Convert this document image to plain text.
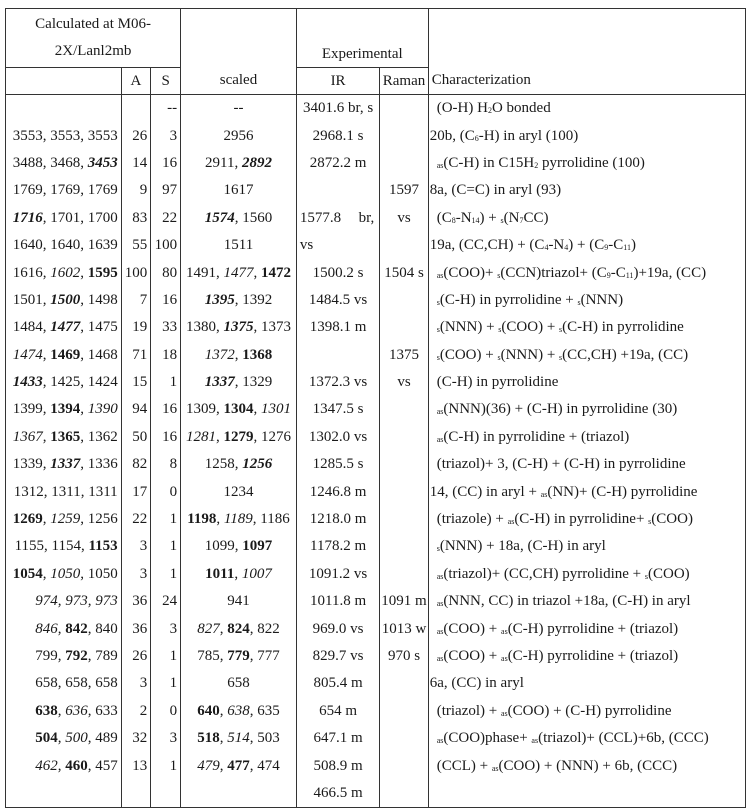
Calculated at M06-
2X/Lanl2mb			scaled	Experimental		Characterization
	A	S		IR	Raman	
		--	--	3401.6 br, s		(O-H) H2O bonded
3553, 3553, 3553	26	3	2956	2968.1 s		20b, (C6-H) in aryl (100)
3488, 3468, 3453	14	16	2911, 2892	2872.2 m		as(C-H) in C15H2 pyrrolidine (100)
1769, 1769, 1769	9	97	1617		1597	8a, (C=C) in aryl (93)
1716, 1701, 1700	83	22	1574, 1560	1577.8 br,	vs	(C8-N14) + s(N7CC)
1640, 1640, 1639	55	100	1511	vs		19a, (CC,CH) + (C4-N4) + (C9-C11)
1616, 1602, 1595	100	80	1491, 1477, 1472	1500.2 s	1504 s	as(COO)+ s(CCN)triazol+ (C9-C11)+19a, (CC)
1501, 1500, 1498	7	16	1395, 1392	1484.5 vs		s(C-H) in pyrrolidine + s(NNN)
1484, 1477, 1475	19	33	1380, 1375, 1373	1398.1 m		s(NNN) + s(COO) + s(C-H) in pyrrolidine
1474, 1469, 1468	71	18	1372, 1368		1375	s(COO) + s(NNN) + s(CC,CH) +19a, (CC)
1433, 1425, 1424	15	1	1337, 1329	1372.3 vs	vs	(C-H) in pyrrolidine
1399, 1394, 1390	94	16	1309, 1304, 1301	1347.5 s		as(NNN)(36) + (C-H) in pyrrolidine (30)
1367, 1365, 1362	50	16	1281, 1279, 1276	1302.0 vs		as(C-H) in pyrrolidine + (triazol)
1339, 1337, 1336	82	8	1258, 1256	1285.5 s		(triazol)+ 3, (C-H) + (C-H) in pyrrolidine
1312, 1311, 1311	17	0	1234	1246.8 m		14, (CC) in aryl + as(NN)+ (C-H) pyrrolidine
1269, 1259, 1256	22	1	1198, 1189, 1186	1218.0 m		(triazole) + as(C-H) in pyrrolidine+ s(COO)
1155, 1154, 1153	3	1	1099, 1097	1178.2 m		s(NNN) + 18a, (C-H) in aryl
1054, 1050, 1050	3	1	1011, 1007	1091.2 vs		as(triazol)+ (CC,CH) pyrrolidine + s(COO)
974, 973, 973	36	24	941	1011.8 m	1091 m	as(NNN, CC) in triazol +18a, (C-H) in aryl
846, 842, 840	36	3	827, 824, 822	969.0 vs	1013 w	as(COO) + as(C-H) pyrrolidine + (triazol)
799, 792, 789	26	1	785, 779, 777	829.7 vs	970 s	as(COO) + as(C-H) pyrrolidine + (triazol)
658, 658, 658	3	1	658	805.4 m		6a, (CC) in aryl
638, 636, 633	2	0	640, 638, 635	654 m		(triazol) + as(COO) + (C-H) pyrrolidine
504, 500, 489	32	3	518, 514, 503	647.1 m		as(COO)phase+ as(triazol)+ (CCL)+6b, (CCC)
462, 460, 457	13	1	479, 477, 474	508.9 m		(CCL) + as(COO) + (NNN) + 6b, (CCC)
				466.5 m		
